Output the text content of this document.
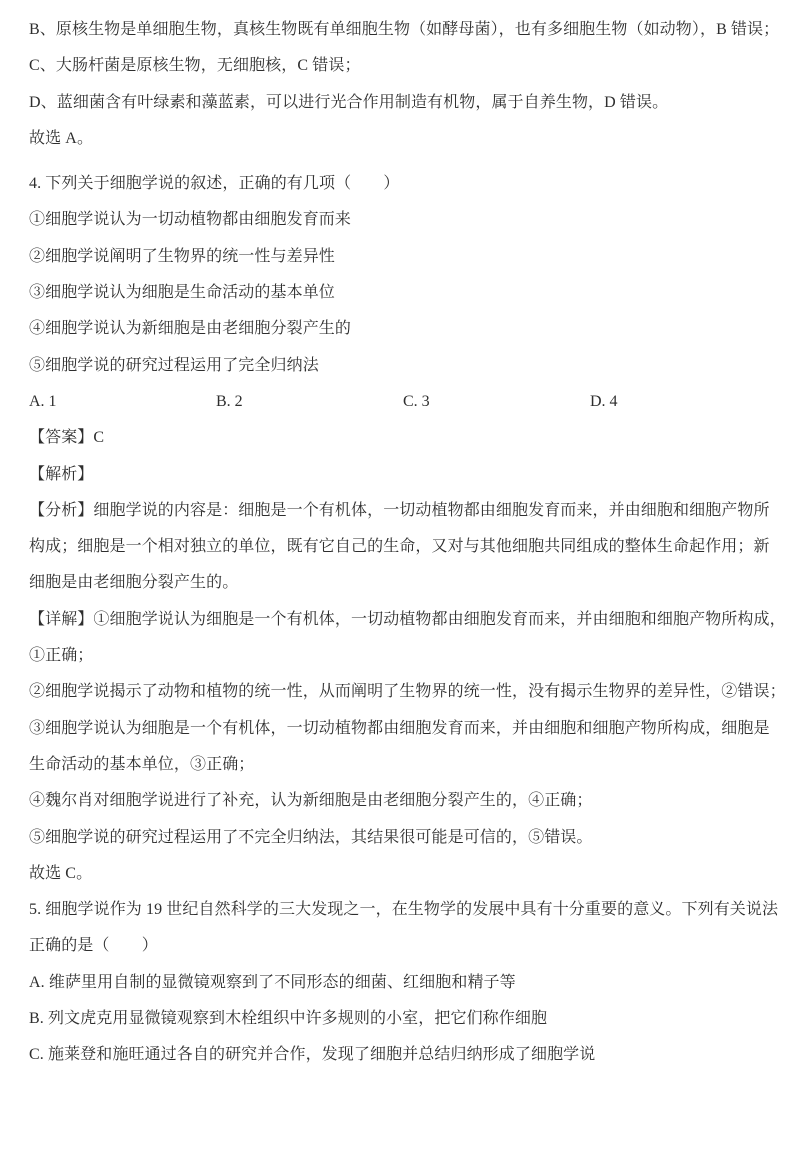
B、原核生物是单细胞生物，真核生物既有单细胞生物（如酵母菌），也有多细胞生物（如动物），B 错误；
C、大肠杆菌是原核生物，无细胞核，C 错误；
D、蓝细菌含有叶绿素和藻蓝素，可以进行光合作用制造有机物，属于自养生物，D 错误。
故选 A。
4. 下列关于细胞学说的叙述，正确的有几项（　　）
①细胞学说认为一切动植物都由细胞发育而来
②细胞学说阐明了生物界的统一性与差异性
③细胞学说认为细胞是生命活动的基本单位
④细胞学说认为新细胞是由老细胞分裂产生的
⑤细胞学说的研究过程运用了完全归纳法
A. 1	B. 2	C. 3	D. 4
【答案】C
【解析】
【分析】细胞学说的内容是：细胞是一个有机体，一切动植物都由细胞发育而来，并由细胞和细胞产物所
构成；细胞是一个相对独立的单位，既有它自己的生命，又对与其他细胞共同组成的整体生命起作用；新
细胞是由老细胞分裂产生的。
【详解】①细胞学说认为细胞是一个有机体，一切动植物都由细胞发育而来，并由细胞和细胞产物所构成，
①正确；
②细胞学说揭示了动物和植物的统一性，从而阐明了生物界的统一性，没有揭示生物界的差异性，②错误；
③细胞学说认为细胞是一个有机体，一切动植物都由细胞发育而来，并由细胞和细胞产物所构成，细胞是
生命活动的基本单位，③正确；
④魏尔肖对细胞学说进行了补充，认为新细胞是由老细胞分裂产生的，④正确；
⑤细胞学说的研究过程运用了不完全归纳法，其结果很可能是可信的，⑤错误。
故选 C。
5. 细胞学说作为 19 世纪自然科学的三大发现之一，在生物学的发展中具有十分重要的意义。下列有关说法
正确的是（　　）
A. 维萨里用自制的显微镜观察到了不同形态的细菌、红细胞和精子等
B. 列文虎克用显微镜观察到木栓组织中许多规则的小室，把它们称作细胞
C. 施莱登和施旺通过各自的研究并合作，发现了细胞并总结归纳形成了细胞学说
